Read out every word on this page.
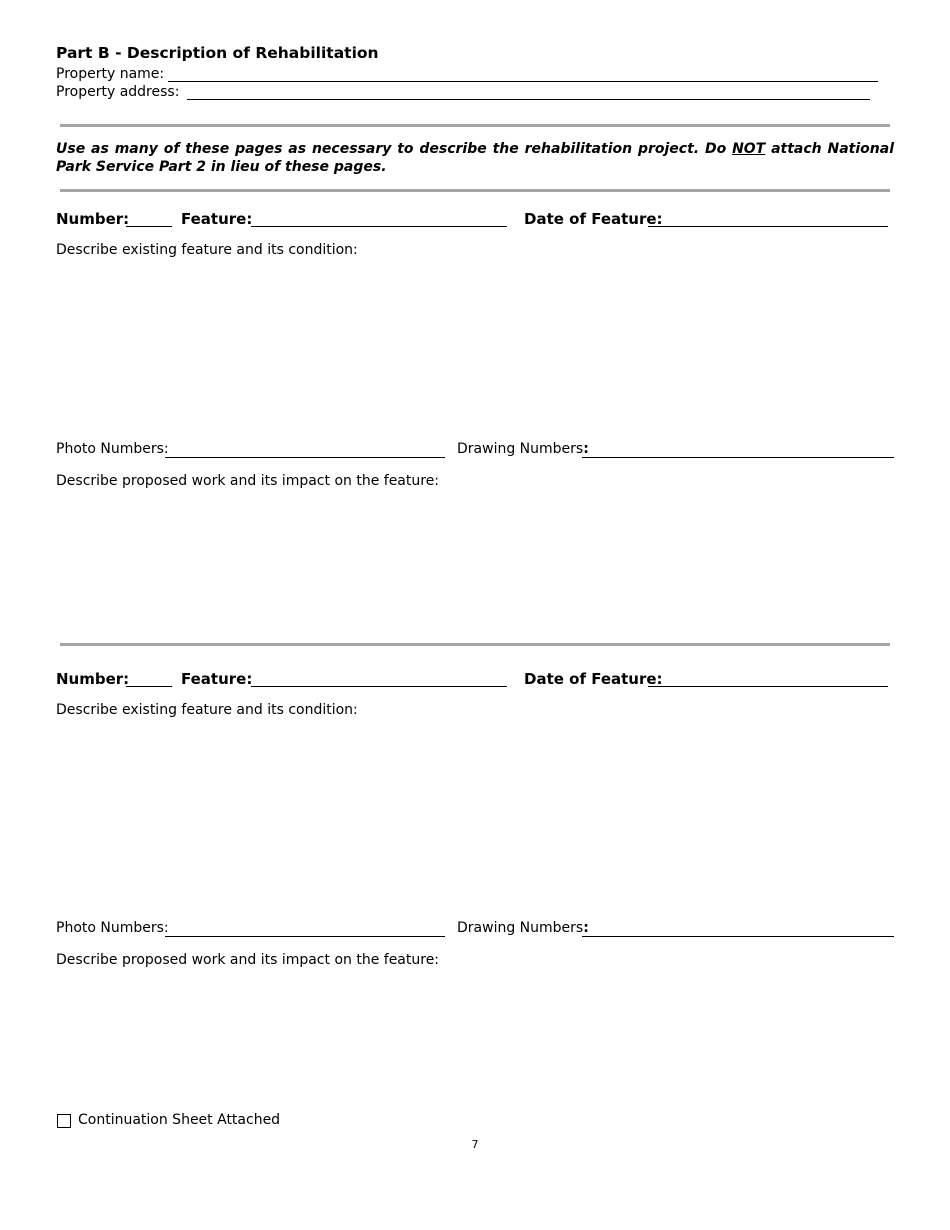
Part B - Description of Rehabilitation
Property name:
Property address:
Use as many of these pages as necessary to describe the rehabilitation project. Do NOT attach National Park Service Part 2 in lieu of these pages.
Number:	Feature:	Date of Feature:
Describe existing feature and its condition:
Photo Numbers:	Drawing Numbers:
Describe proposed work and its impact on the feature:
Number:	Feature:	Date of Feature:
Describe existing feature and its condition:
Photo Numbers:	Drawing Numbers:
Describe proposed work and its impact on the feature:
Continuation Sheet Attached
7
